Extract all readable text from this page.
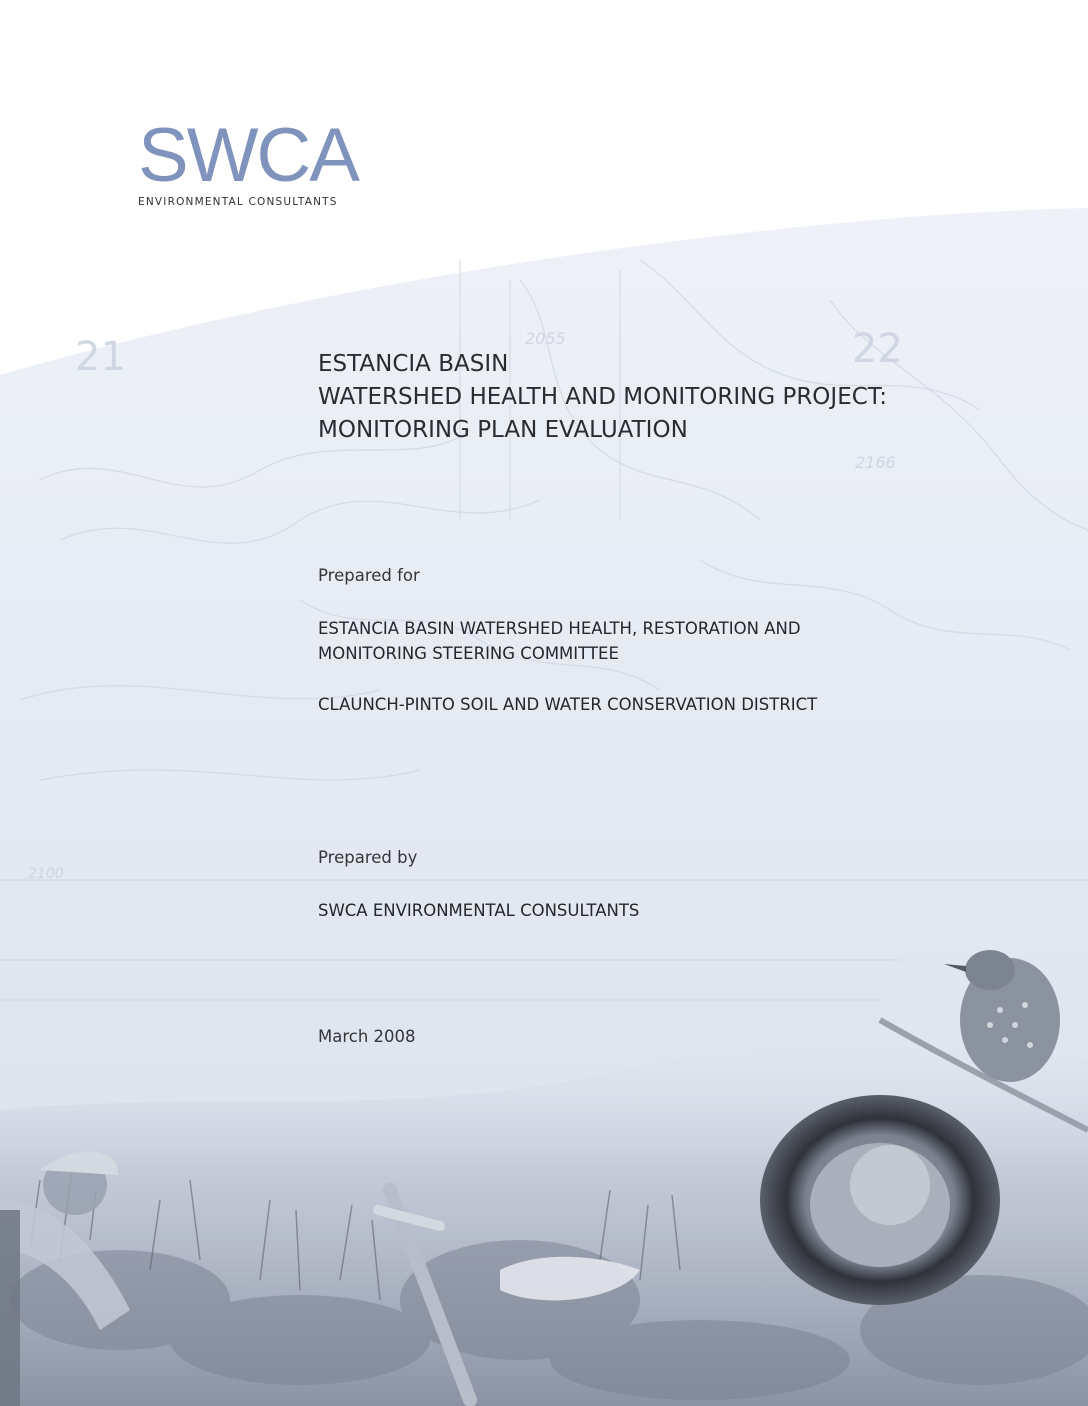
21	22
2055
2166
2100
SWCA
ENVIRONMENTAL CONSULTANTS
ESTANCIA BASIN
WATERSHED HEALTH AND MONITORING PROJECT:
MONITORING PLAN EVALUATION
Prepared for
ESTANCIA BASIN WATERSHED HEALTH, RESTORATION AND
MONITORING STEERING COMMITTEE
CLAUNCH-PINTO SOIL AND WATER CONSERVATION DISTRICT
Prepared by
SWCA ENVIRONMENTAL CONSULTANTS
March 2008
